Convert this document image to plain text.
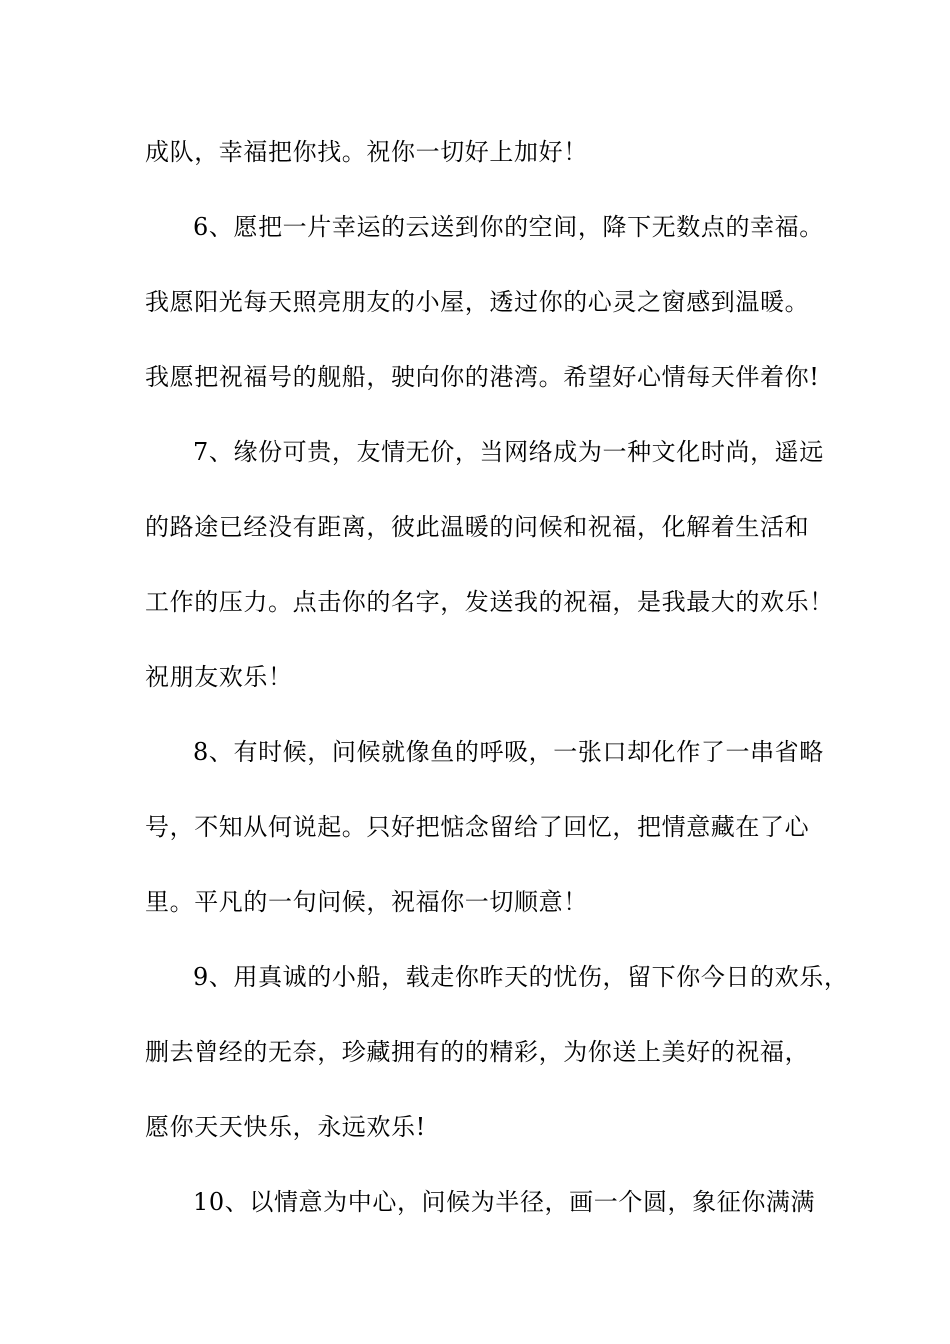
成队，幸福把你找。祝你一切好上加好！
6、愿把一片幸运的云送到你的空间，降下无数点的幸福。
我愿阳光每天照亮朋友的小屋，透过你的心灵之窗感到温暖。
我愿把祝福号的舰船，驶向你的港湾。希望好心情每天伴着你!
7、缘份可贵，友情无价，当网络成为一种文化时尚，遥远
的路途已经没有距离，彼此温暖的问候和祝福，化解着生活和
工作的压力。点击你的名字，发送我的祝福，是我最大的欢乐！
祝朋友欢乐！
8、有时候，问候就像鱼的呼吸，一张口却化作了一串省略
号，不知从何说起。只好把惦念留给了回忆，把情意藏在了心
里。平凡的一句问候，祝福你一切顺意！
9、用真诚的小船，载走你昨天的忧伤，留下你今日的欢乐，
删去曾经的无奈，珍藏拥有的的精彩，为你送上美好的祝福，
愿你天天快乐，永远欢乐!
10、以情意为中心，问候为半径，画一个圆，象征你满满
